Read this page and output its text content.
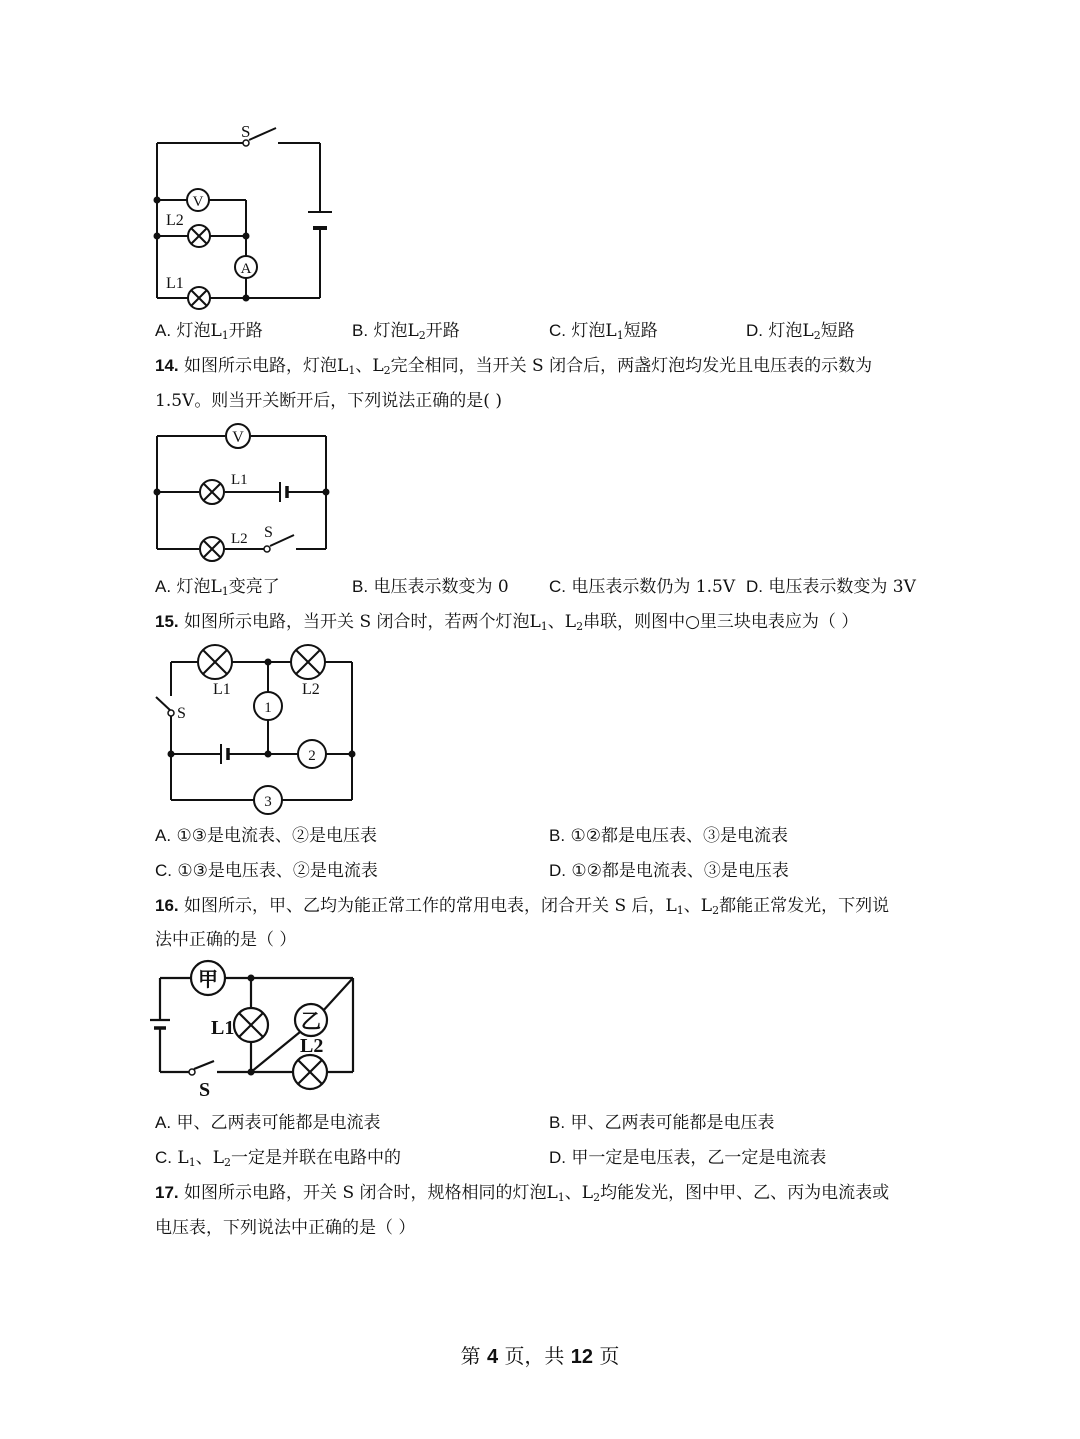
V
A
S
L2
L1
A. 灯泡$L_1$开路	B. 灯泡$L_2$开路	C. 灯泡$L_1$短路	D. 灯泡$L_2$短路
14. 如图所示电路，灯泡$L_1$、$L_2$完全相同，当开关 S 闭合后，两盏灯泡均发光且电压表的示数为
1.5V。则当开关断开后，下列说法正确的是( )
V
L1
L2 S
A. 灯泡$L_1$变亮了	B. 电压表示数变为 0 C. 电压表示数仍为 1.5V D. 电压表示数变为 3V
15. 如图所示电路，当开关 S 闭合时，若两个灯泡$L_1$、$L_2$串联，则图中○里三块电表应为（ ）
1
2
3
L1	L2
S
A. ①③是电流表、②是电压表	B. ①②都是电压表、③是电流表
C. ①③是电压表、②是电流表	D. ①②都是电流表、③是电压表
16. 如图所示，甲、乙均为能正常工作的常用电表，闭合开关 S 后，$L_1$、$L_2$都能正常发光，下列说
法中正确的是（ ）
甲
乙
L1
L2
S
A. 甲、乙两表可能都是电流表	B. 甲、乙两表可能都是电压表
C. $L_1$、$L_2$一定是并联在电路中的	D. 甲一定是电压表，乙一定是电流表
17. 如图所示电路，开关 S 闭合时，规格相同的灯泡$L_1$、$L_2$均能发光，图中甲、乙、丙为电流表或
电压表，下列说法中正确的是（ ）
第 4 页，共 12 页
